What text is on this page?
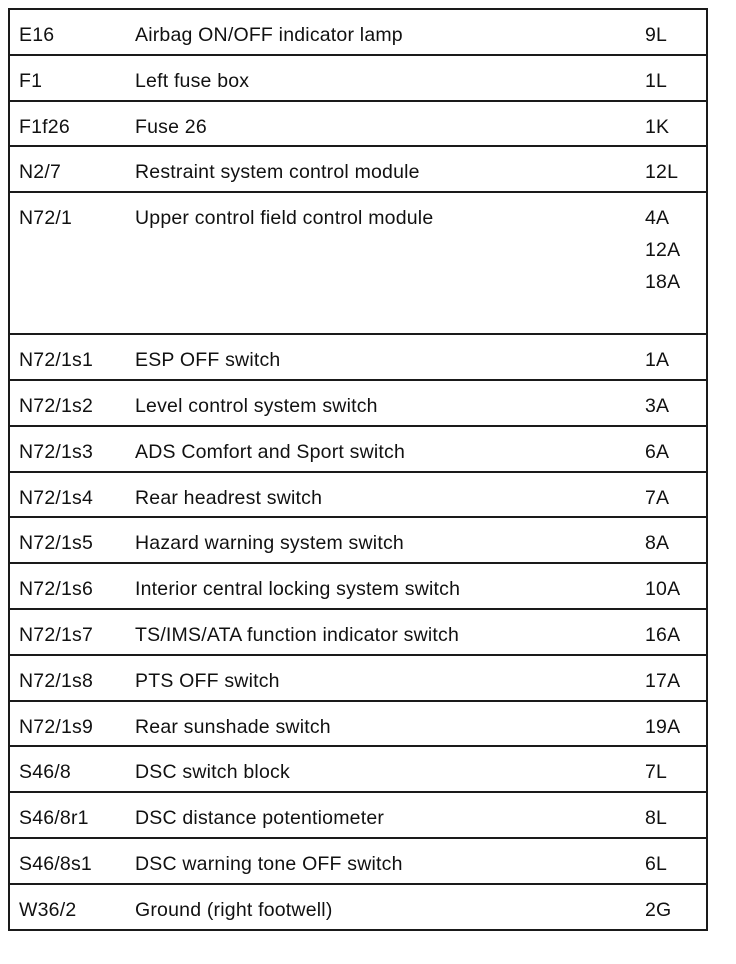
E16	Airbag ON/OFF indicator lamp	9L

F1	Left fuse box	1L

F1f26	Fuse 26	1K

N2/7	Restraint system control module	12L

N72/1	Upper control field control module	4A
12A
18A

N72/1s1	ESP OFF switch	1A

N72/1s2	Level control system switch	3A

N72/1s3	ADS Comfort and Sport switch	6A

N72/1s4	Rear headrest switch	7A

N72/1s5	Hazard warning system switch	8A

N72/1s6	Interior central locking system switch	10A

N72/1s7	TS/IMS/ATA function indicator switch	16A

N72/1s8	PTS OFF switch	17A

N72/1s9	Rear sunshade switch	19A

S46/8	DSC switch block	7L

S46/8r1	DSC distance potentiometer	8L

S46/8s1	DSC warning tone OFF switch	6L

W36/2	Ground (right footwell)	2G
